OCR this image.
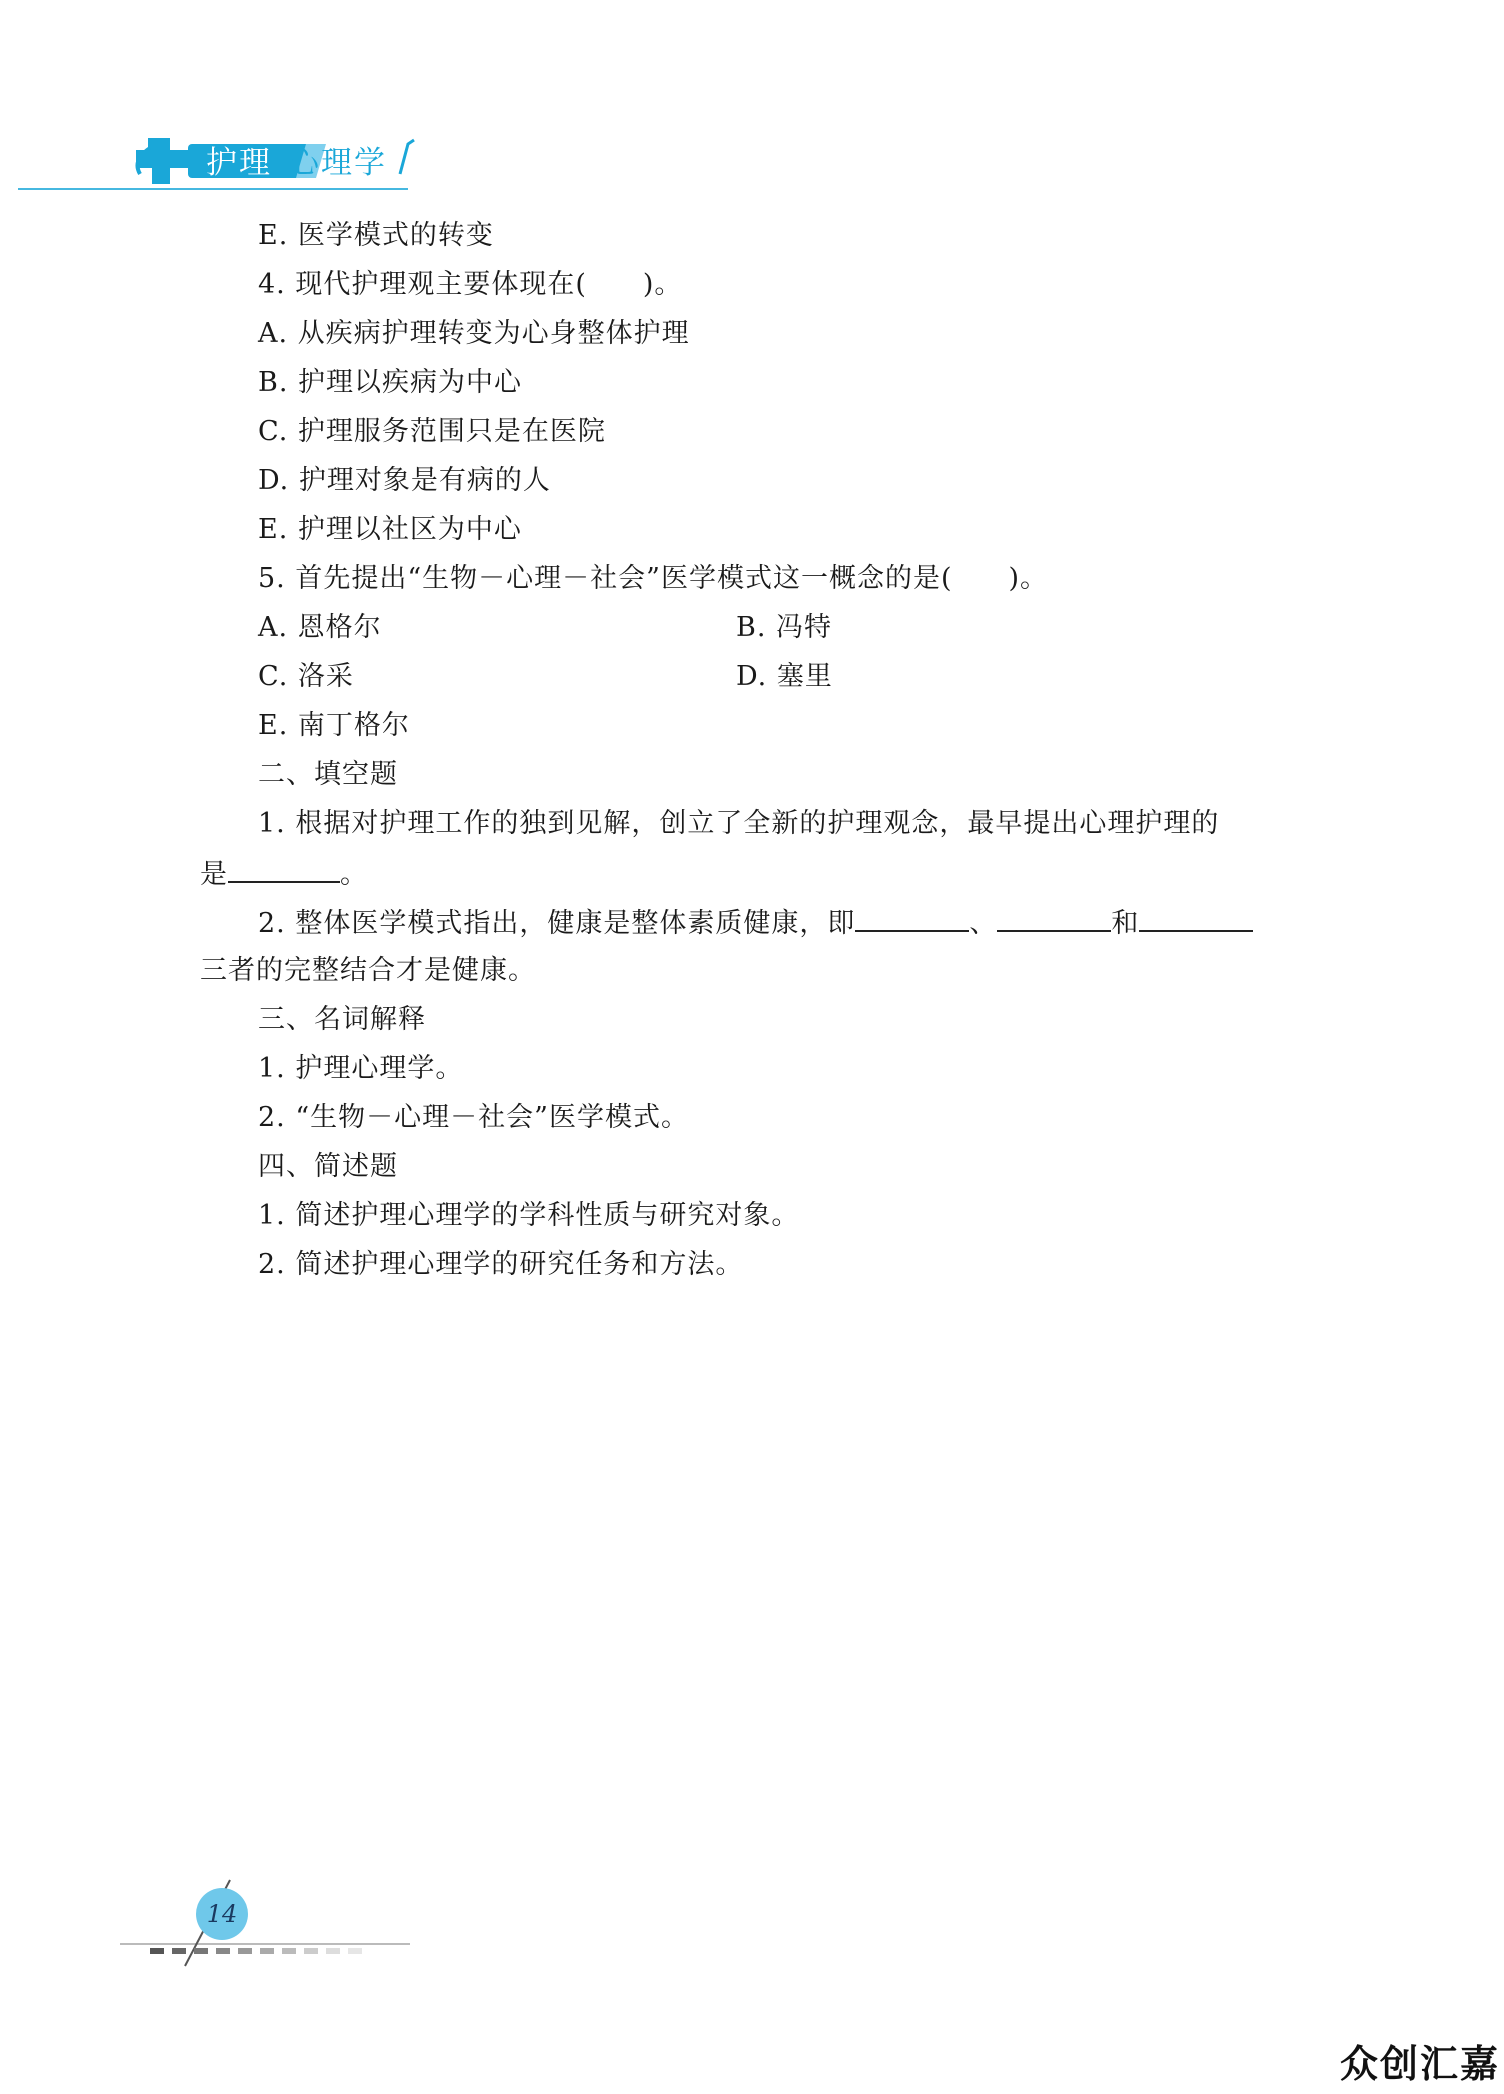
护理 心理学
E. 医学模式的转变
4. 现代护理观主要体现在(　　)。
A. 从疾病护理转变为心身整体护理
B. 护理以疾病为中心
C. 护理服务范围只是在医院
D. 护理对象是有病的人
E. 护理以社区为中心
5. 首先提出“生物－心理－社会”医学模式这一概念的是(　　)。
A. 恩格尔	B. 冯特
C. 洛采	D. 塞里
E. 南丁格尔
二、填空题
1. 根据对护理工作的独到见解，创立了全新的护理观念，最早提出心理护理的
是	。
2. 整体医学模式指出，健康是整体素质健康，即	、	和
三者的完整结合才是健康。
三、名词解释
1. 护理心理学。
2. “生物－心理－社会”医学模式。
四、简述题
1. 简述护理心理学的学科性质与研究对象。
2. 简述护理心理学的研究任务和方法。
14
众创汇嘉
